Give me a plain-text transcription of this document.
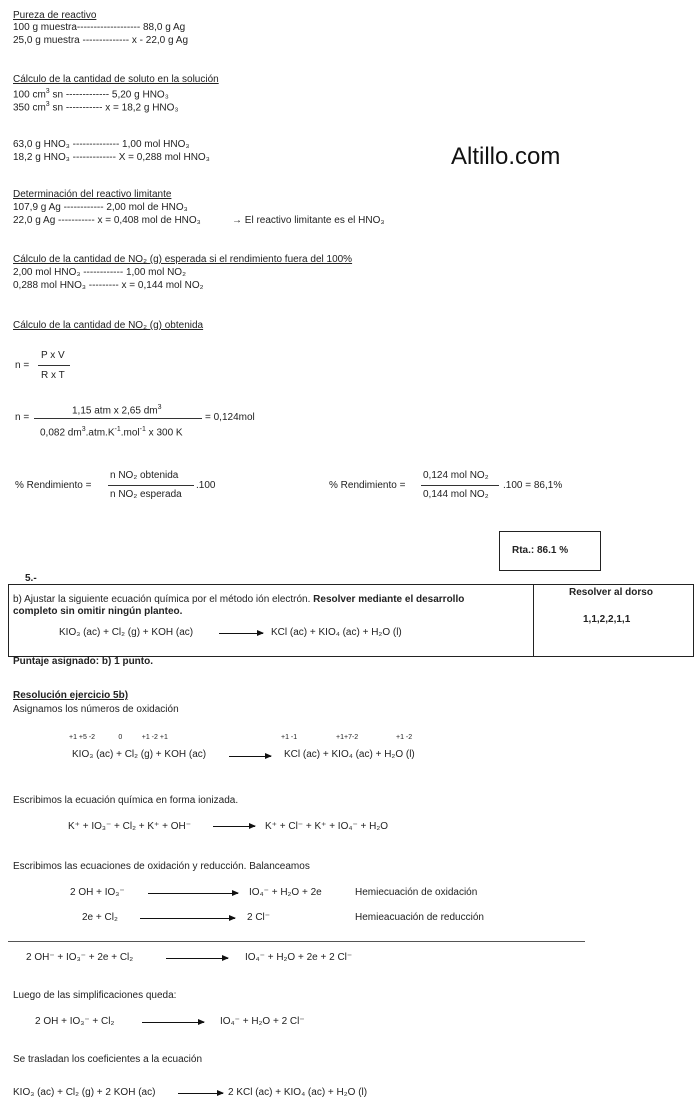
Altillo.com
Pureza de reactivo
100 g muestra------------------- 88,0 g Ag
25,0 g muestra -------------- x - 22,0 g Ag
Cálculo de la cantidad de soluto en la solución
100 $cm^3$ sn ------------- 5,20 g HNO₃
350 $cm^3$ sn ----------- x = 18,2 g HNO₃
63,0 g HNO₃ -------------- 1,00 mol HNO₃
18,2 g HNO₃ ------------- X = 0,288 mol HNO₃
Determinación del reactivo limitante
107,9 g Ag ------------ 2,00 mol de HNO₃
22,0 g Ag ----------- x = 0,408 mol de HNO₃	→ El reactivo limitante es el HNO₃
Cálculo de la cantidad de NO₂ (g) esperada si el rendimiento fuera del 100%
2,00 mol HNO₃ ------------ 1,00 mol NO₂
0,288 mol HNO₃ --------- x = 0,144 mol NO₂
Cálculo de la cantidad de NO₂ (g) obtenida
n =
P x V
R x T
n =
1,15 atm x 2,65 $dm^3$
0,082 $dm^3.atm.K^{-1}.mol^{-1}$ x 300 K
= 0,124mol
% Rendimiento =
n NO₂ obtenida
n NO₂ esperada
.100	% Rendimiento =
0,124 mol NO₂
0,144 mol NO₂
.100 = 86,1%
Rta.: 86.1 %
5.-
b) Ajustar la siguiente ecuación química por el método ión electrón. Resolver mediante el desarrollo
completo sin omitir ningún planteo.
KIO₃ (ac) + Cl₂ (g) + KOH (ac)	KCl (ac) + KIO₄ (ac) + H₂O (l)
Resolver al dorso
1,1,2,2,1,1
Puntaje asignado: b) 1 punto.
Resolución ejercicio 5b)
Asignamos los números de oxidación
+1 +5 -2            0          +1 -2 +1	+1 -1	+1+7-2	+1 -2
KIO₃ (ac) + Cl₂ (g) + KOH (ac)	KCl (ac) + KIO₄ (ac) + H₂O (l)
Escribimos la ecuación química en forma ionizada.
K⁺ + IO₃⁻ + Cl₂ + K⁺ + OH⁻	K⁺ + Cl⁻ + K⁺ + IO₄⁻ + H₂O
Escribimos las ecuaciones de oxidación y reducción. Balanceamos
2 OH + IO₃⁻	IO₄⁻ + H₂O + 2e	Hemiecuación de oxidación
2e + Cl₂	2 Cl⁻	Hemieacuación de reducción
2 OH⁻ + IO₃⁻ + 2e + Cl₂	IO₄⁻ + H₂O + 2e + 2 Cl⁻
Luego de las simplificaciones queda:
2 OH + IO₃⁻ + Cl₂	IO₄⁻ + H₂O + 2 Cl⁻
Se trasladan los coeficientes a la ecuación
KIO₃ (ac) + Cl₂ (g) + 2 KOH (ac)	2 KCl (ac) + KIO₄ (ac) + H₂O (l)
